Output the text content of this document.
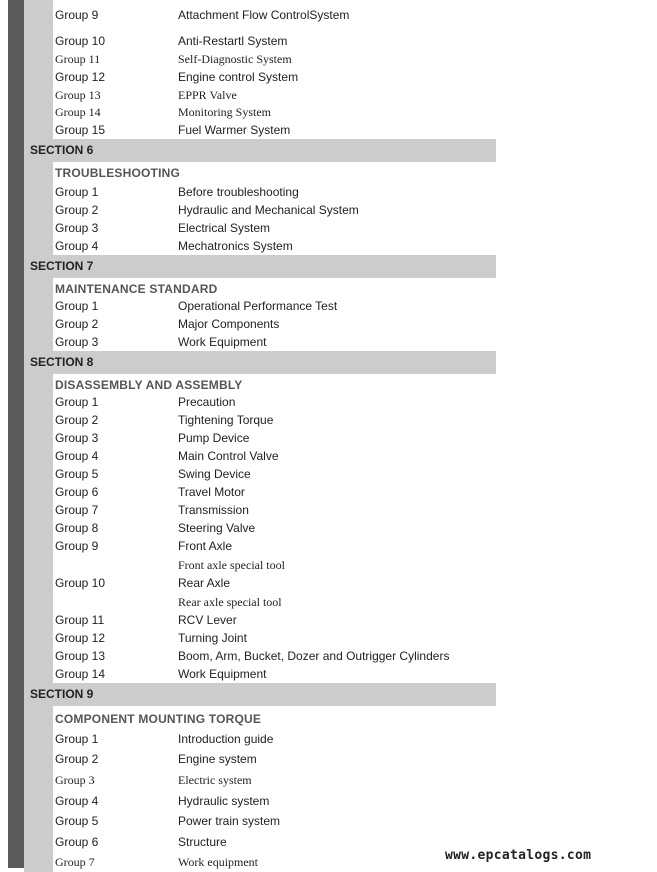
Group 9	Attachment Flow ControlSystem
Group 10	Anti-Restartl System
Group 11	Self-Diagnostic System
Group 12	Engine control System
Group 13	EPPR Valve
Group 14	Monitoring System
Group 15	Fuel Warmer System
SECTION 6
TROUBLESHOOTING
Group 1	Before troubleshooting
Group 2	Hydraulic and Mechanical System
Group 3	Electrical System
Group 4	Mechatronics System
SECTION 7
MAINTENANCE STANDARD
Group 1	Operational Performance Test
Group 2	Major Components
Group 3	Work Equipment
SECTION 8
DISASSEMBLY AND ASSEMBLY
Group 1	Precaution
Group 2	Tightening Torque
Group 3	Pump Device
Group 4	Main Control Valve
Group 5	Swing Device
Group 6	Travel Motor
Group 7	Transmission
Group 8	Steering Valve
Group 9	Front Axle
Front axle special tool
Group 10	Rear Axle
Rear axle special tool
Group 11	RCV Lever
Group 12	Turning Joint
Group 13	Boom, Arm, Bucket, Dozer and Outrigger Cylinders
Group 14	Work Equipment
SECTION 9
COMPONENT MOUNTING TORQUE
Group 1	Introduction guide
Group 2	Engine system
Group 3	Electric system
Group 4	Hydraulic system
Group 5	Power train system
Group 6	Structure
Group 7	Work equipment	www.epcatalogs.com
